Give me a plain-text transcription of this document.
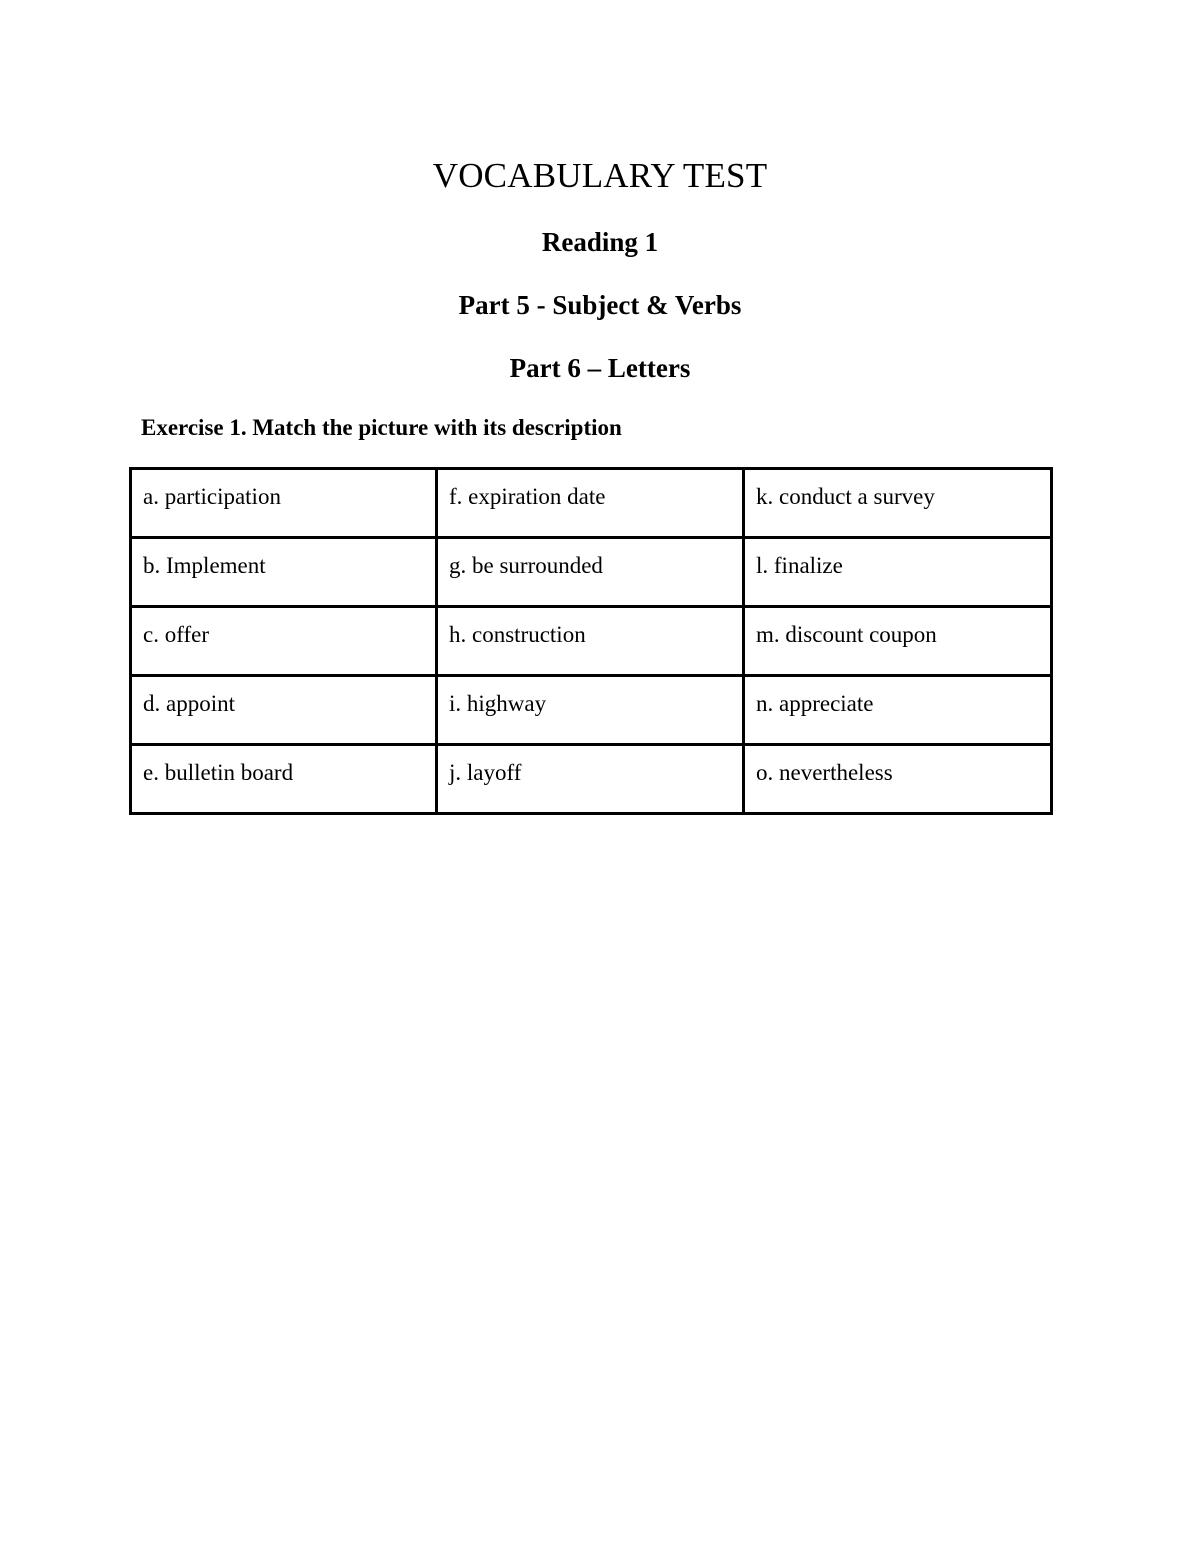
VOCABULARY TEST
Reading 1
Part 5 - Subject & Verbs
Part 6 – Letters
Exercise 1. Match the picture with its description
a. participation	f. expiration date	k. conduct a survey
b. Implement	g. be surrounded	l. finalize
c. offer	h. construction	m. discount coupon
d. appoint	i. highway	n. appreciate
e. bulletin board	j. layoff	o. nevertheless
